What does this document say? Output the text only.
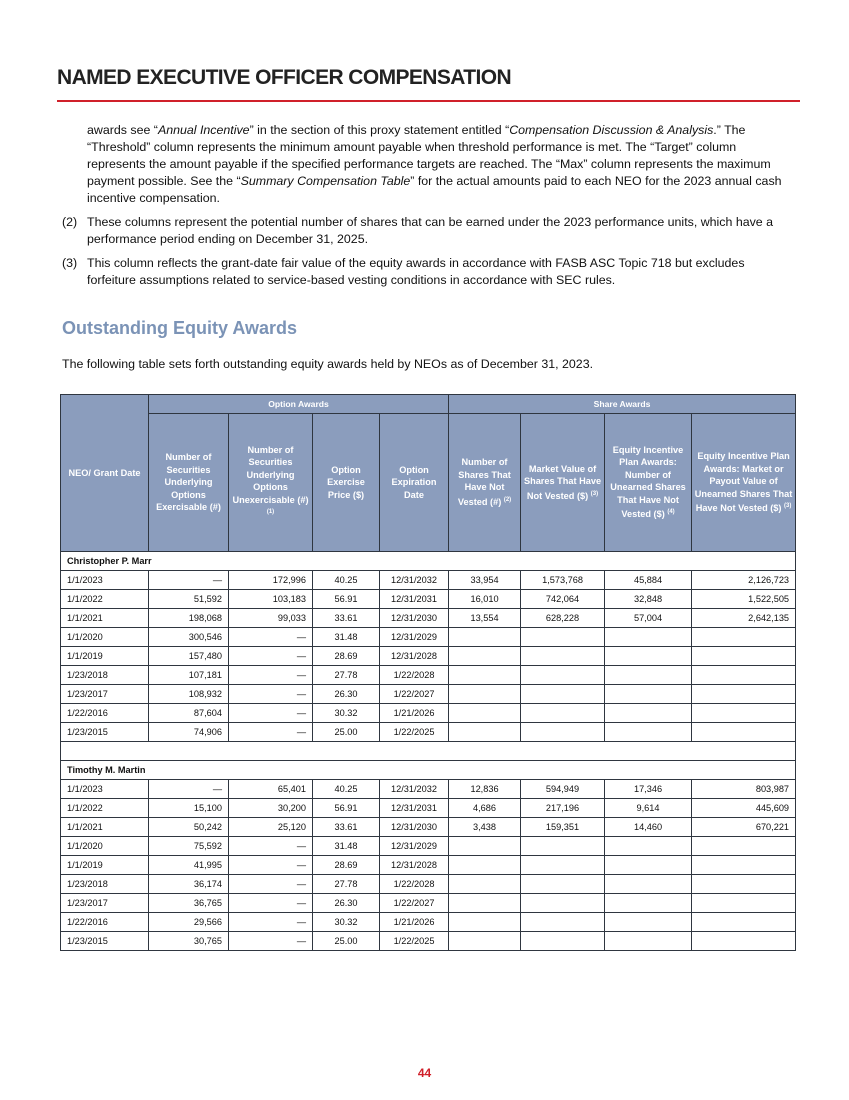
NAMED EXECUTIVE OFFICER COMPENSATION

awards see “Annual Incentive” in the section of this proxy statement entitled “Compensation Discussion & Analysis.” The “Threshold” column represents the minimum amount payable when threshold performance is met. The “Target” column represents the amount payable if the specified performance targets are reached. The “Max” column represents the maximum payment possible. See the “Summary Compensation Table” for the actual amounts paid to each NEO for the 2023 annual cash incentive compensation.

(2) These columns represent the potential number of shares that can be earned under the 2023 performance units, which have a performance period ending on December 31, 2025.

(3) This column reflects the grant-date fair value of the equity awards in accordance with FASB ASC Topic 718 but excludes forfeiture assumptions related to service-based vesting conditions in accordance with SEC rules.

Outstanding Equity Awards
The following table sets forth outstanding equity awards held by NEOs as of December 31, 2023.
NEO/ Grant Date	Option Awards				Share Awards			
	Number of Securities Underlying Options Exercisable (#)	Number of Securities Underlying Options Unexercisable (#) $^{(1)}$	Option Exercise Price ($)	Option Expiration Date	Number of Shares That Have Not Vested (#) $^{(2)}$	Market Value of Shares That Have Not Vested ($) $^{(3)}$	Equity Incentive Plan Awards: Number of Unearned Shares That Have Not Vested ($) $^{(4)}$	Equity Incentive Plan Awards: Market or Payout Value of Unearned Shares That Have Not Vested ($) $^{(3)}$
Christopher P. Marr								
1/1/2023	—	172,996	40.25	12/31/2032	33,954	1,573,768	45,884	2,126,723
1/1/2022	51,592	103,183	56.91	12/31/2031	16,010	742,064	32,848	1,522,505
1/1/2021	198,068	99,033	33.61	12/31/2030	13,554	628,228	57,004	2,642,135
1/1/2020	300,546	—	31.48	12/31/2029				
1/1/2019	157,480	—	28.69	12/31/2028				
1/23/2018	107,181	—	27.78	1/22/2028				
1/23/2017	108,932	—	26.30	1/22/2027				
1/22/2016	87,604	—	30.32	1/21/2026				
1/23/2015	74,906	—	25.00	1/22/2025				

Timothy M. Martin								
1/1/2023	—	65,401	40.25	12/31/2032	12,836	594,949	17,346	803,987
1/1/2022	15,100	30,200	56.91	12/31/2031	4,686	217,196	9,614	445,609
1/1/2021	50,242	25,120	33.61	12/31/2030	3,438	159,351	14,460	670,221
1/1/2020	75,592	—	31.48	12/31/2029				
1/1/2019	41,995	—	28.69	12/31/2028				
1/23/2018	36,174	—	27.78	1/22/2028				
1/23/2017	36,765	—	26.30	1/22/2027				
1/22/2016	29,566	—	30.32	1/21/2026				
1/23/2015	30,765	—	25.00	1/22/2025				
44
